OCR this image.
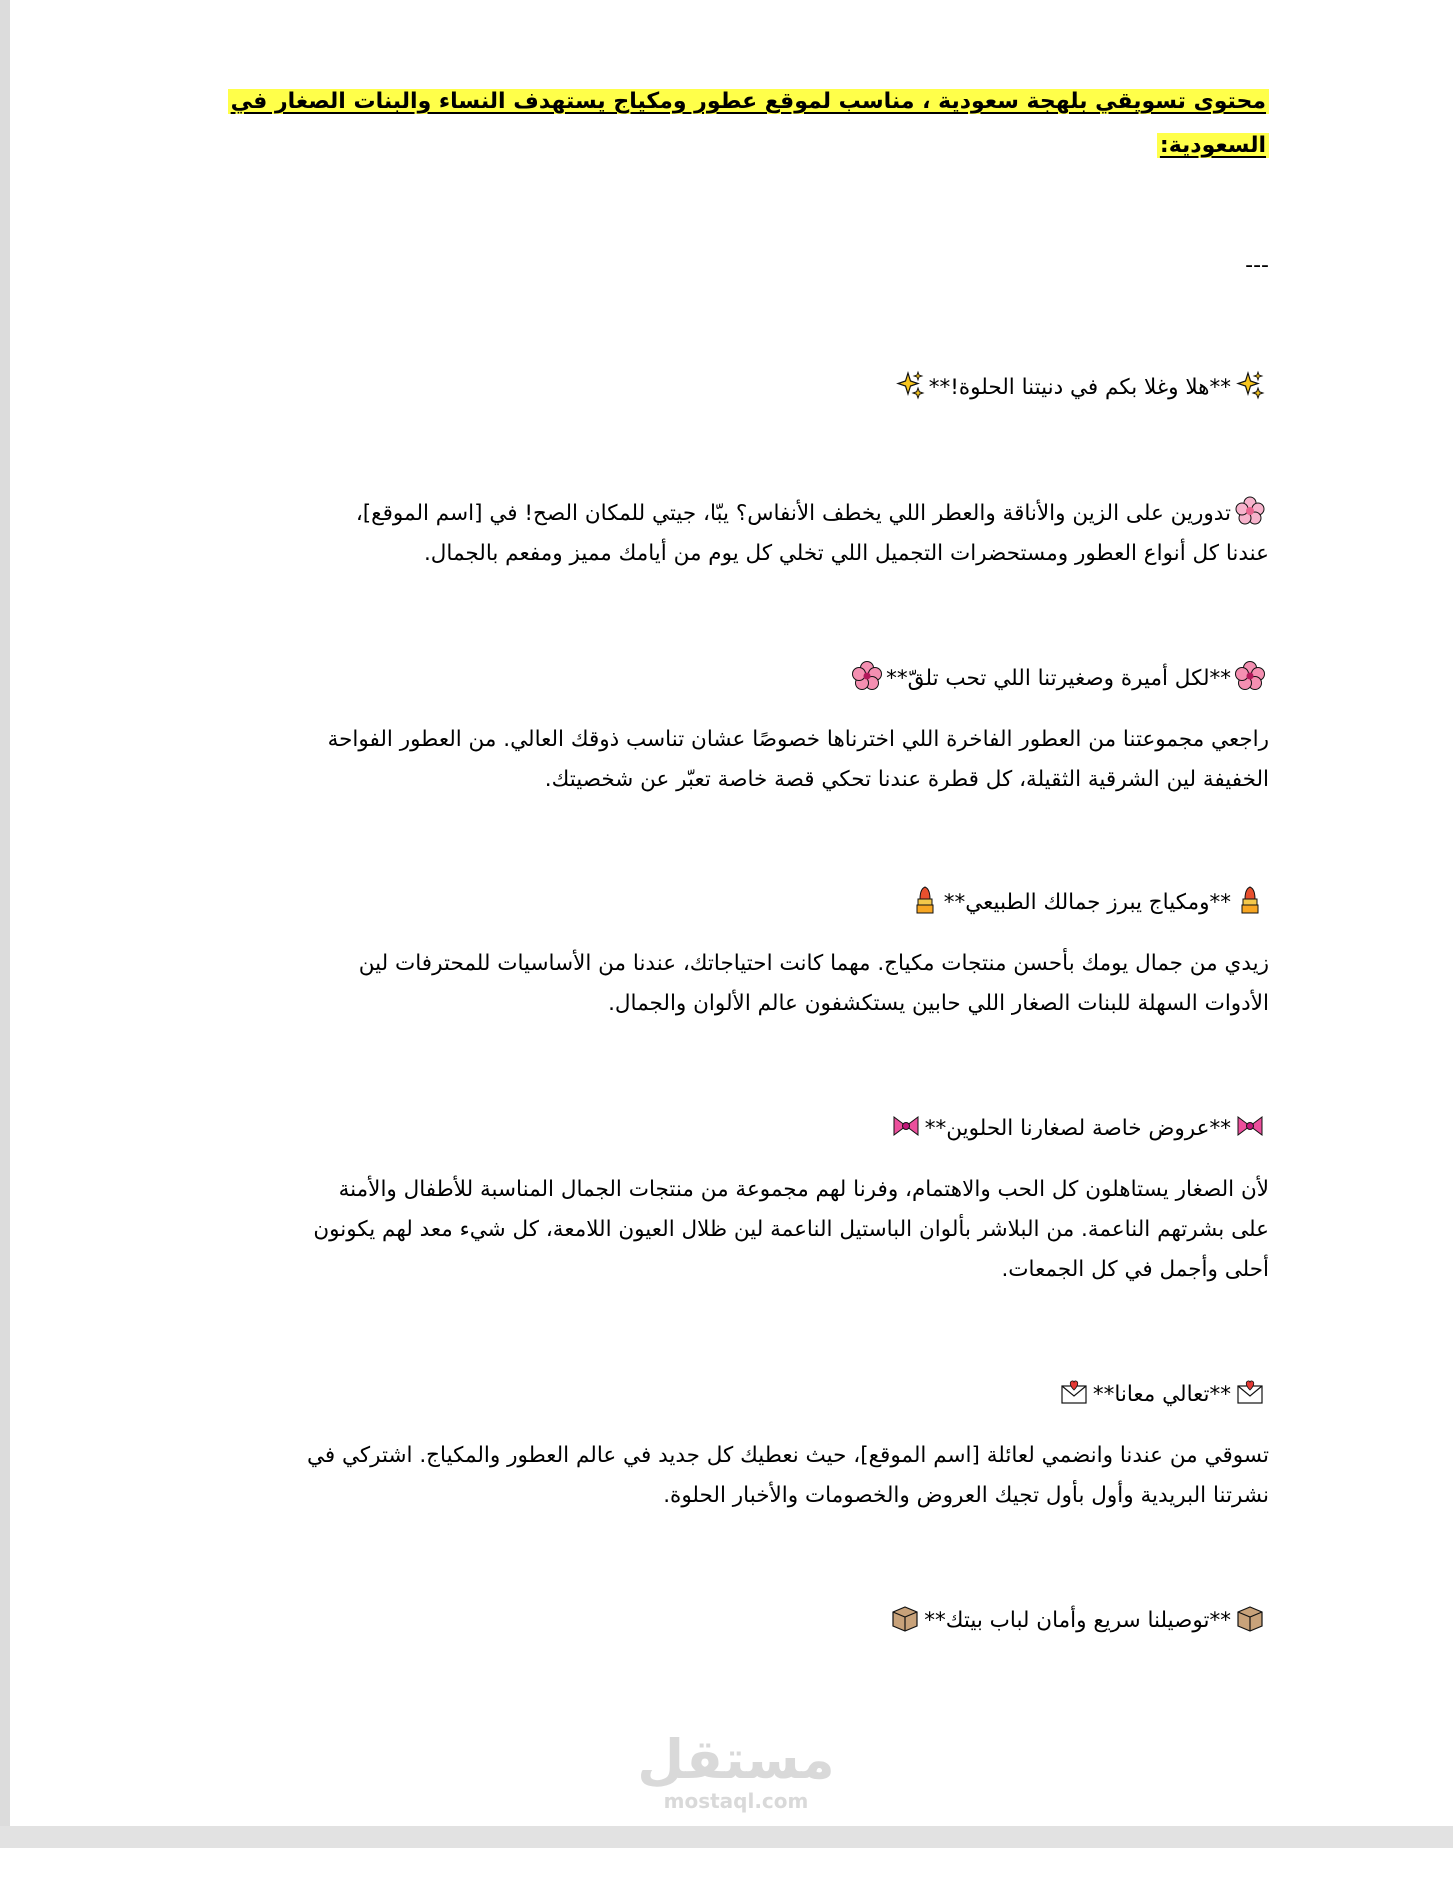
محتوى تسويقي بلهجة سعودية ، مناسب لموقع عطور ومكياج يستهدف النساء والبنات الصغار في
السعودية:
---
**هلا وغلا بكم في دنيتنا الحلوة!**
تدورين على الزين والأناقة والعطر اللي يخطف الأنفاس؟ يبّا، جيتي للمكان الصح! في [اسم الموقع]،
عندنا كل أنواع العطور ومستحضرات التجميل اللي تخلي كل يوم من أيامك مميز ومفعم بالجمال.
**لكل أميرة وصغيرتنا اللي تحب تلقّ**
راجعي مجموعتنا من العطور الفاخرة اللي اخترناها خصوصًا عشان تناسب ذوقك العالي. من العطور الفواحة
الخفيفة لين الشرقية الثقيلة، كل قطرة عندنا تحكي قصة خاصة تعبّر عن شخصيتك.
**ومكياج يبرز جمالك الطبيعي**
زيدي من جمال يومك بأحسن منتجات مكياج. مهما كانت احتياجاتك، عندنا من الأساسيات للمحترفات لين
الأدوات السهلة للبنات الصغار اللي حابين يستكشفون عالم الألوان والجمال.
**عروض خاصة لصغارنا الحلوين**
لأن الصغار يستاهلون كل الحب والاهتمام، وفرنا لهم مجموعة من منتجات الجمال المناسبة للأطفال والأمنة
على بشرتهم الناعمة. من البلاشر بألوان الباستيل الناعمة لين ظلال العيون اللامعة، كل شيء معد لهم يكونون
أحلى وأجمل في كل الجمعات.
**تعالي معانا**
تسوقي من عندنا وانضمي لعائلة [اسم الموقع]، حيث نعطيك كل جديد في عالم العطور والمكياج. اشتركي في
نشرتنا البريدية وأول بأول تجيك العروض والخصومات والأخبار الحلوة.
**توصيلنا سريع وأمان لباب بيتك**
مستقل
mostaql.com
